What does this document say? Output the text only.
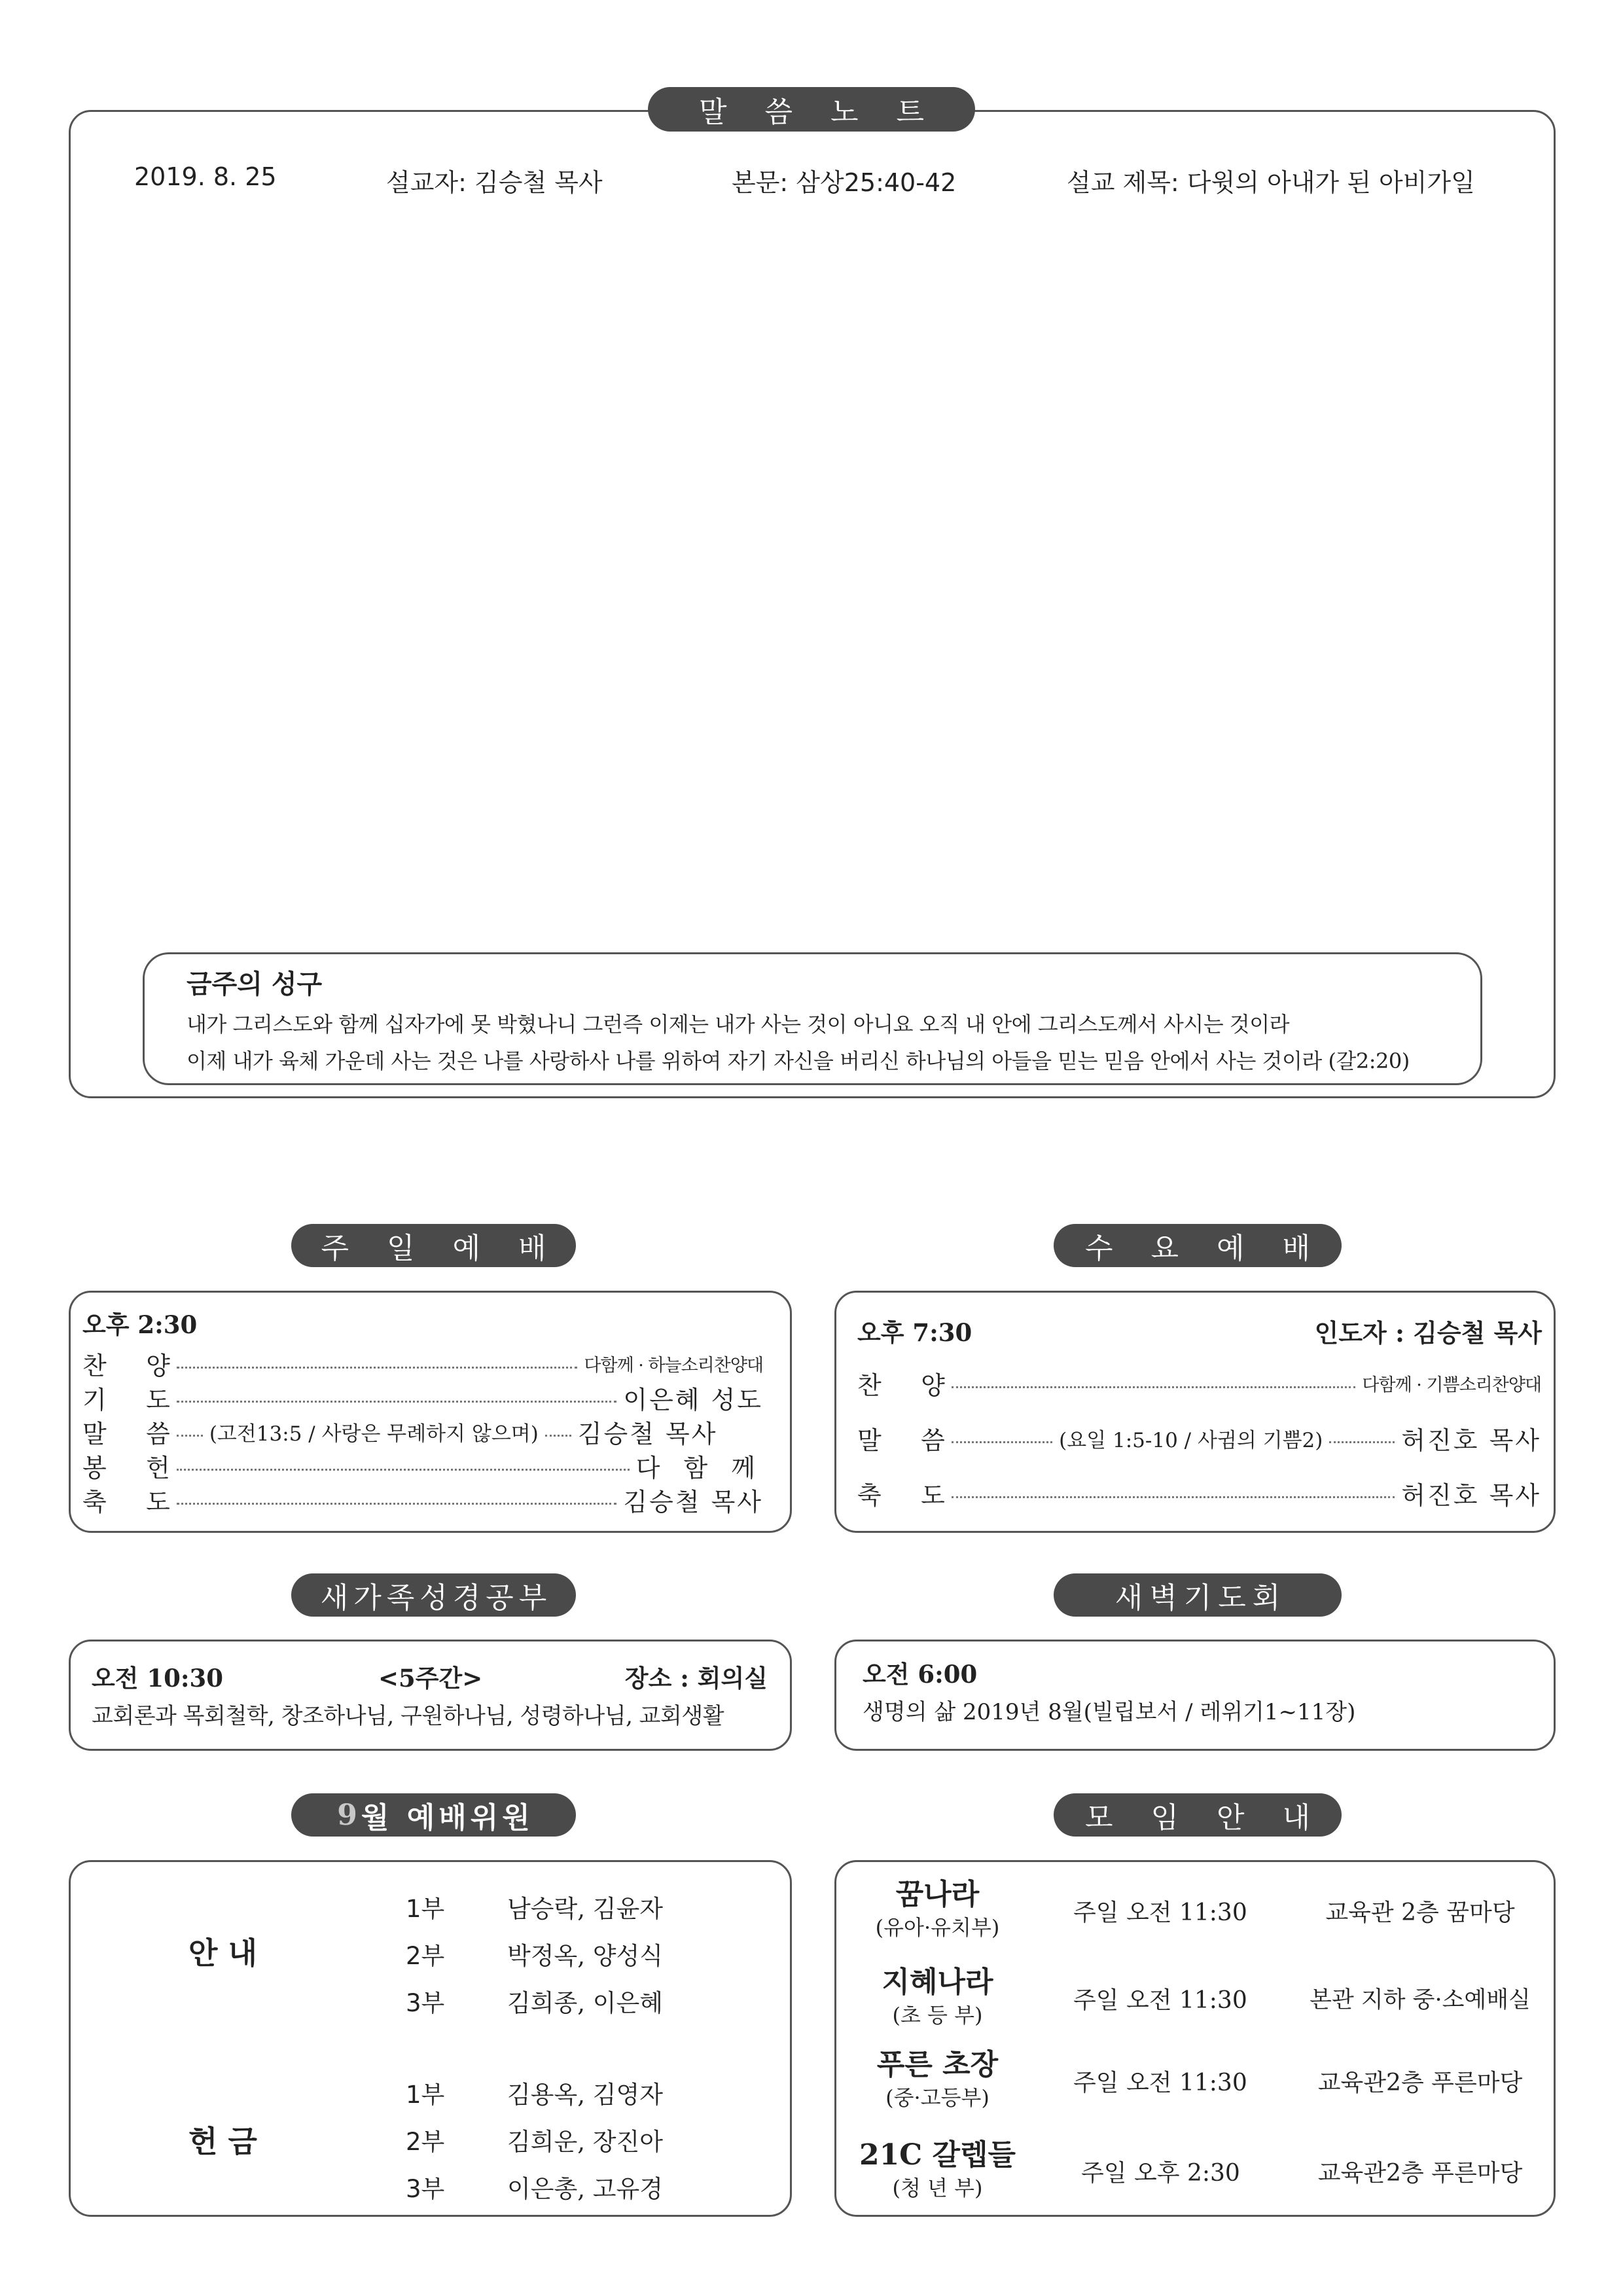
말 씀 노 트
2019. 8. 25	설교자: 김승철 목사	본문: 삼상25:40-42	설교 제목: 다윗의 아내가 된 아비가일
금주의 성구
내가 그리스도와 함께 십자가에 못 박혔나니 그런즉 이제는 내가 사는 것이 아니요 오직 내 안에 그리스도께서 사시는 것이라
이제 내가 육체 가운데 사는 것은 나를 사랑하사 나를 위하여 자기 자신을 버리신 하나님의 아들을 믿는 믿음 안에서 사는 것이라 (갈2:20)
주 일 예 배
오후 2:30
찬     양	다함께 · 하늘소리찬양대
기     도	이은혜 성도
말     씀 (고전13:5 / 사랑은 무례하지 않으며) 김승철 목사
봉     헌	다 함 께
축     도	김승철 목사
수 요 예 배
오후 7:30	인도자 : 김승철 목사
찬     양	다함께 · 기쁨소리찬양대
말     씀	(요일 1:5-10 / 사귐의 기쁨2)	허진호 목사
축     도	허진호 목사
새가족성경공부
오전 10:30	<5주간>	장소 : 회의실
교회론과 목회철학, 창조하나님, 구원하나님, 성령하나님, 교회생활
새벽기도회
오전 6:00
생명의 삶 2019년 8월(빌립보서 / 레위기1~11장)
9 월 예배위원
안 내
1부	남승락, 김윤자
2부	박정옥, 양성식
3부	김희종, 이은혜
헌 금
1부	김용옥, 김영자
2부	김희운, 장진아
3부	이은총, 고유경
모 임 안 내
꿈나라
(유아·유치부)
주일 오전 11:30	교육관 2층 꿈마당
지혜나라
(초 등 부)
주일 오전 11:30	본관 지하 중·소예배실
푸른 초장
(중·고등부)
주일 오전 11:30	교육관2층 푸른마당
21C 갈렙들
(청 년 부)
주일 오후 2:30	교육관2층 푸른마당
